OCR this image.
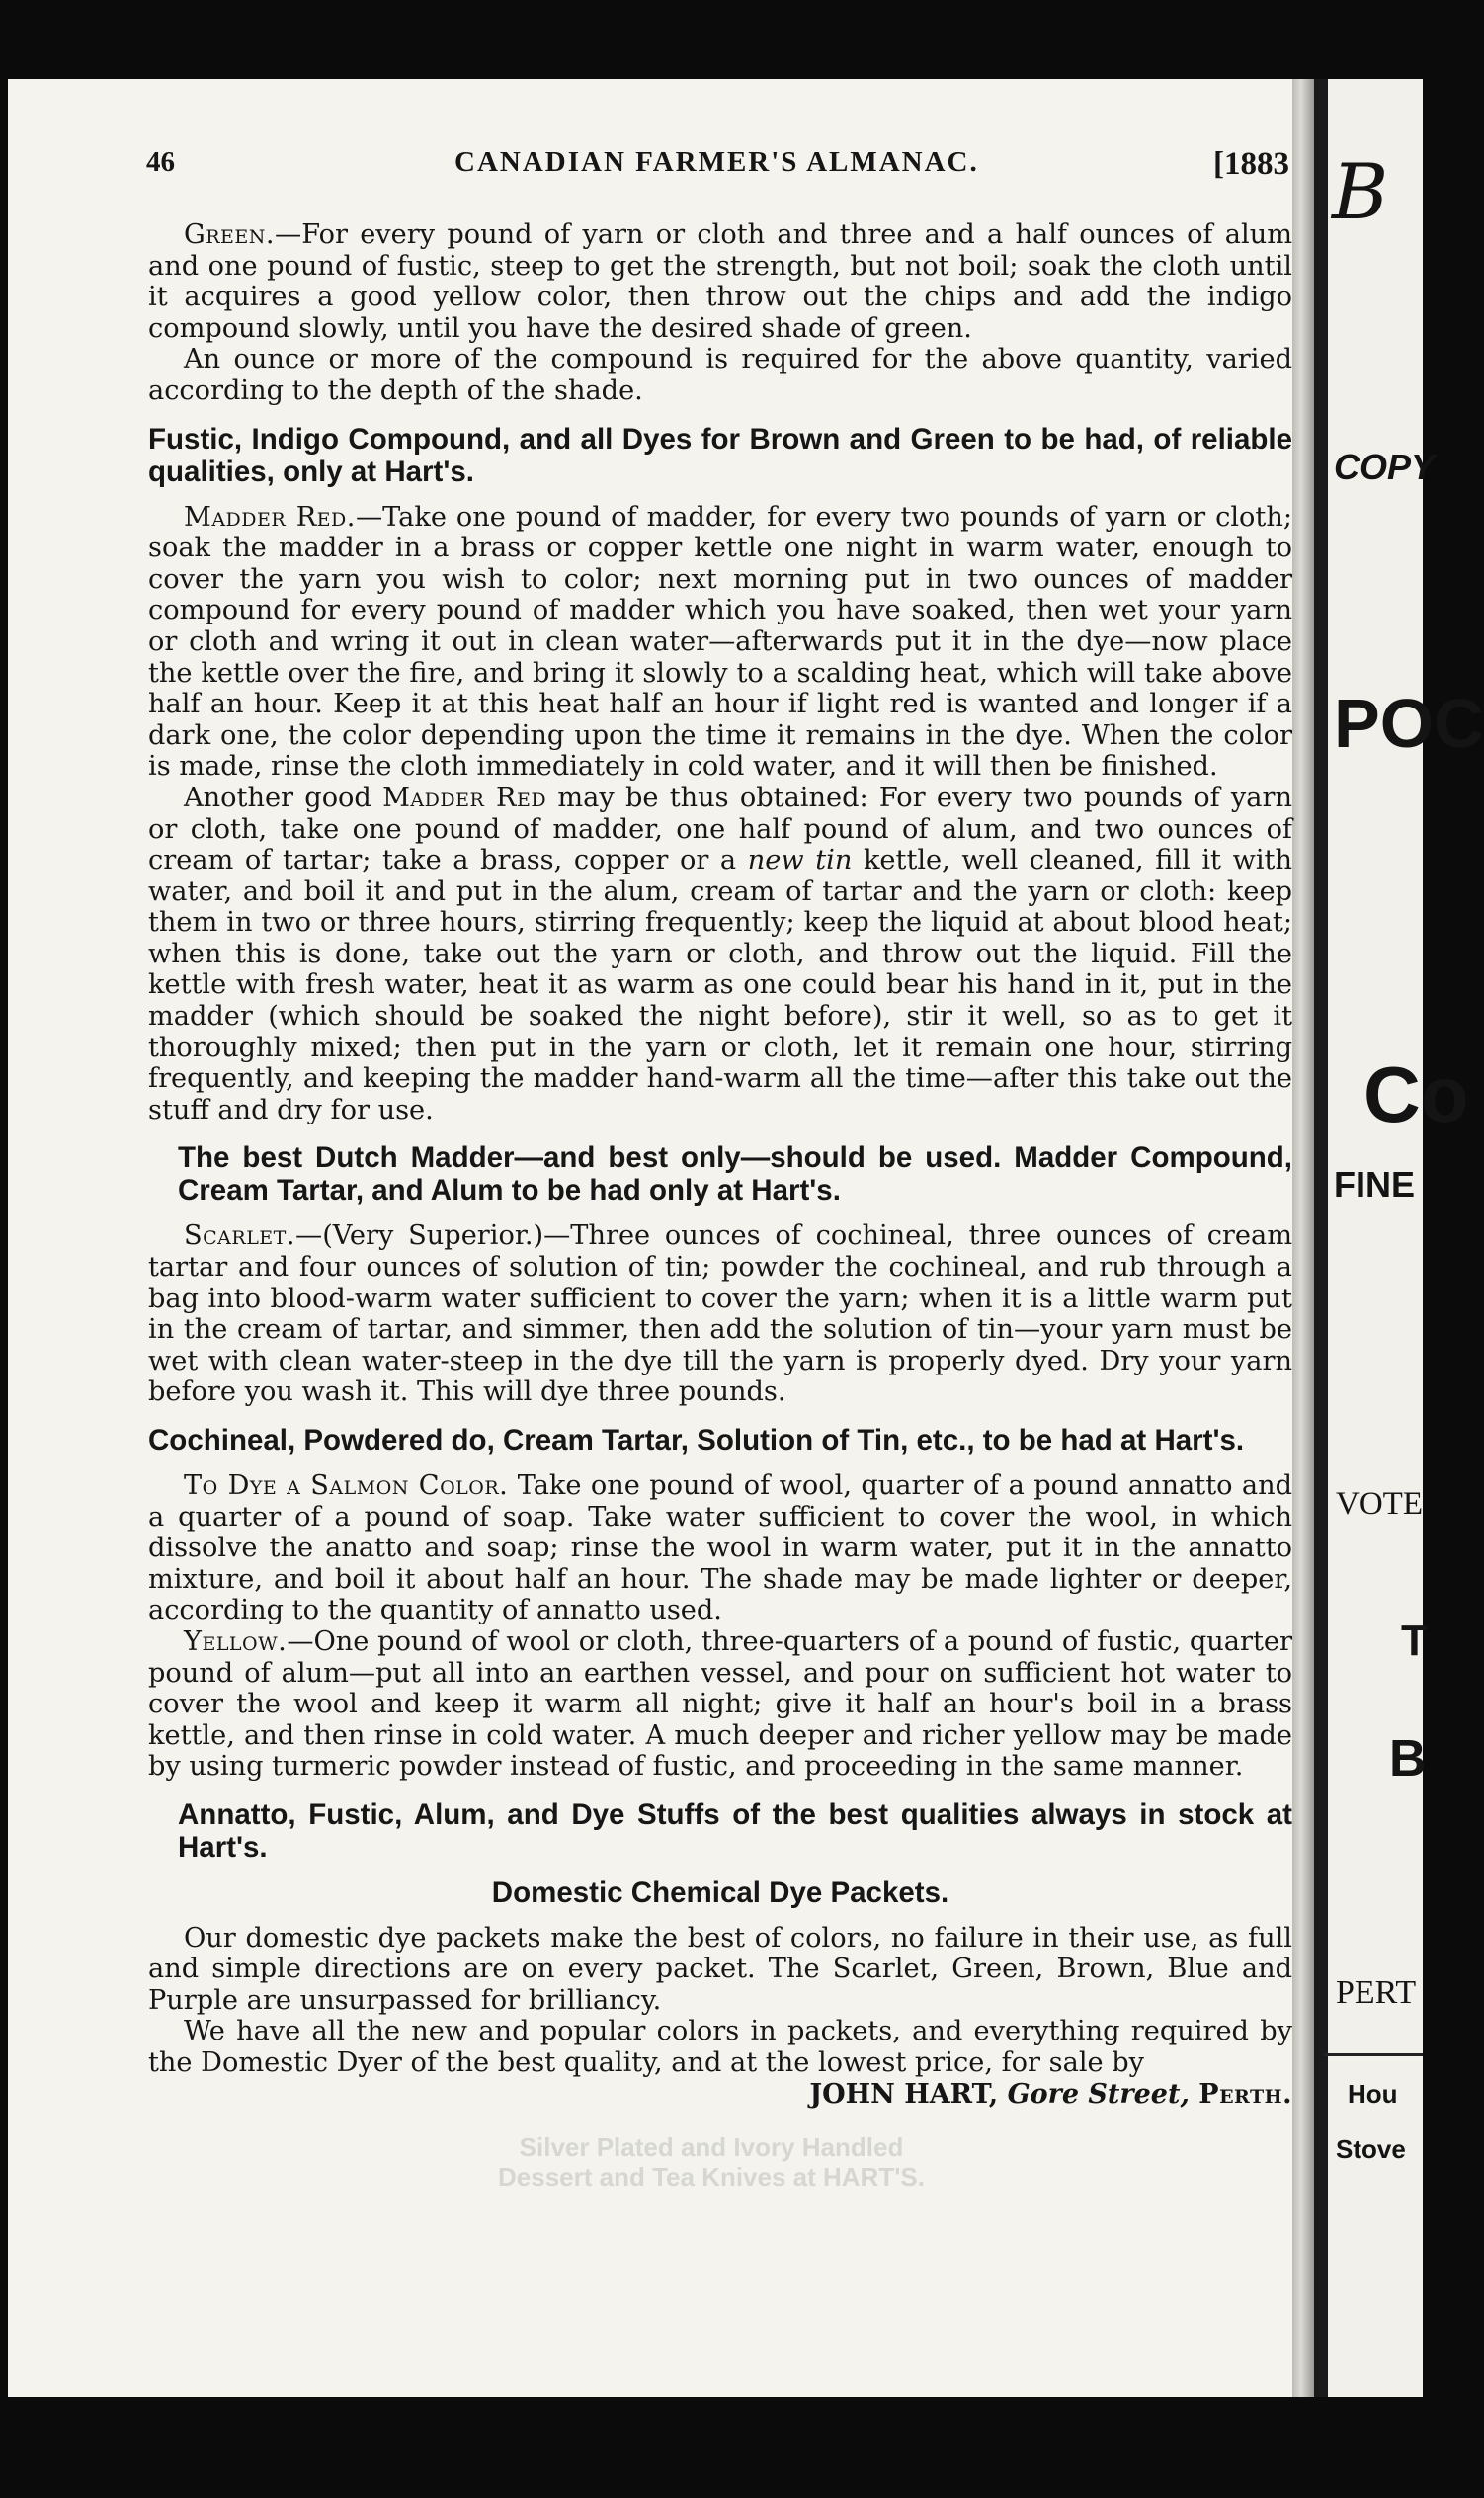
B
COPY
POC
Co
FINE
VOTE
T
B
PERT
Hou
Stove
46	CANADIAN FARMER'S ALMANAC.	[1883
Silver Plated and Ivory Handled
Dessert and Tea Knives at HART'S.

Green.—For every pound of yarn or cloth and three and a half ounces of alum and one pound of fustic, steep to get the strength, but not boil; soak the cloth until it acquires a good yellow color, then throw out the chips and add the indigo compound slowly, until you have the desired shade of green.

An ounce or more of the compound is required for the above quantity, varied according to the depth of the shade.

Fustic, Indigo Compound, and all Dyes for Brown and Green to be had, of reliable qualities, only at Hart's.

Madder Red.—Take one pound of madder, for every two pounds of yarn or cloth; soak the madder in a brass or copper kettle one night in warm water, enough to cover the yarn you wish to color; next morning put in two ounces of madder compound for every pound of madder which you have soaked, then wet your yarn or cloth and wring it out in clean water—afterwards put it in the dye—now place the kettle over the fire, and bring it slowly to a scalding heat, which will take above half an hour. Keep it at this heat half an hour if light red is wanted and longer if a dark one, the color depending upon the time it remains in the dye. When the color is made, rinse the cloth immediately in cold water, and it will then be finished.

Another good Madder Red may be thus obtained: For every two pounds of yarn or cloth, take one pound of madder, one half pound of alum, and two ounces of cream of tartar; take a brass, copper or a new tin kettle, well cleaned, fill it with water, and boil it and put in the alum, cream of tartar and the yarn or cloth: keep them in two or three hours, stirring frequently; keep the liquid at about blood heat; when this is done, take out the yarn or cloth, and throw out the liquid. Fill the kettle with fresh water, heat it as warm as one could bear his hand in it, put in the madder (which should be soaked the night before), stir it well, so as to get it thoroughly mixed; then put in the yarn or cloth, let it remain one hour, stirring frequently, and keeping the madder hand-warm all the time—after this take out the stuff and dry for use.

The best Dutch Madder—and best only—should be used. Madder Compound, Cream Tartar, and Alum to be had only at Hart's.

Scarlet.—(Very Superior.)—Three ounces of cochineal, three ounces of cream tartar and four ounces of solution of tin; powder the cochineal, and rub through a bag into blood-warm water sufficient to cover the yarn; when it is a little warm put in the cream of tartar, and simmer, then add the solution of tin—your yarn must be wet with clean water-steep in the dye till the yarn is properly dyed. Dry your yarn before you wash it. This will dye three pounds.

Cochineal, Powdered do, Cream Tartar, Solution of Tin, etc., to be had at Hart's.

To Dye a Salmon Color. Take one pound of wool, quarter of a pound annatto and a quarter of a pound of soap. Take water sufficient to cover the wool, in which dissolve the anatto and soap; rinse the wool in warm water, put it in the annatto mixture, and boil it about half an hour. The shade may be made lighter or deeper, according to the quantity of annatto used.

Yellow.—One pound of wool or cloth, three-quarters of a pound of fustic, quarter pound of alum—put all into an earthen vessel, and pour on sufficient hot water to cover the wool and keep it warm all night; give it half an hour's boil in a brass kettle, and then rinse in cold water. A much deeper and richer yellow may be made by using turmeric powder instead of fustic, and proceeding in the same manner.

Annatto, Fustic, Alum, and Dye Stuffs of the best qualities always in stock at Hart's.

Domestic Chemical Dye Packets.

Our domestic dye packets make the best of colors, no failure in their use, as full and simple directions are on every packet. The Scarlet, Green, Brown, Blue and Purple are unsurpassed for brilliancy.

We have all the new and popular colors in packets, and everything required by the Domestic Dyer of the best quality, and at the lowest price, for sale by

JOHN HART, Gore Street, Perth.
